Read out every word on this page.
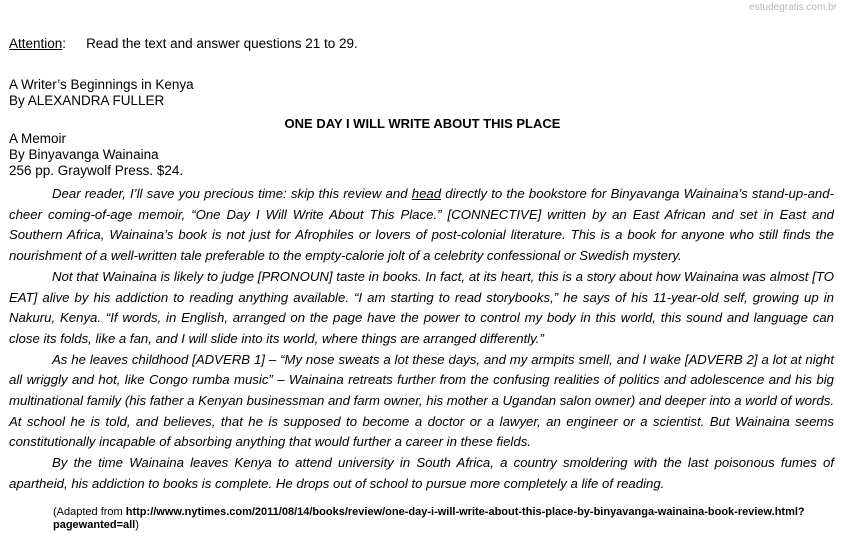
estudegratis.com.br
Attention: Read the text and answer questions 21 to 29.
A Writer’s Beginnings in Kenya
By ALEXANDRA FULLER
ONE DAY I WILL WRITE ABOUT THIS PLACE
A Memoir
By Binyavanga Wainaina
256 pp. Graywolf Press. $24.

Dear reader, I’ll save you precious time: skip this review and head directly to the bookstore for Binyavanga Wainaina’s stand-up-and-cheer coming-of-age memoir, “One Day I Will Write About This Place.” [CONNECTIVE] written by an East African and set in East and Southern Africa, Wainaina’s book is not just for Afrophiles or lovers of post-colonial literature. This is a book for anyone who still finds the nourishment of a well-written tale preferable to the empty-calorie jolt of a celebrity confessional or Swedish mystery.

Not that Wainaina is likely to judge [PRONOUN] taste in books. In fact, at its heart, this is a story about how Wainaina was almost [TO EAT] alive by his addiction to reading anything available. “I am starting to read storybooks,” he says of his 11-year-old self, growing up in Nakuru, Kenya. “If words, in English, arranged on the page have the power to control my body in this world, this sound and language can close its folds, like a fan, and I will slide into its world, where things are arranged differently.”

As he leaves childhood [ADVERB 1] – “My nose sweats a lot these days, and my armpits smell, and I wake [ADVERB 2] a lot at night all wriggly and hot, like Congo rumba music” – Wainaina retreats further from the confusing realities of politics and adolescence and his big multinational family (his father a Kenyan businessman and farm owner, his mother a Ugandan salon owner) and deeper into a world of words. At school he is told, and believes, that he is supposed to become a doctor or a lawyer, an engineer or a scientist. But Wainaina seems constitutionally incapable of absorbing anything that would further a career in these fields.

By the time Wainaina leaves Kenya to attend university in South Africa, a country smoldering with the last poisonous fumes of apartheid, his addiction to books is complete. He drops out of school to pursue more completely a life of reading.

(Adapted from http://www.nytimes.com/2011/08/14/books/review/one-day-i-will-write-about-this-place-by-binyavanga-wainaina-book-review.html?pagewanted=all)
